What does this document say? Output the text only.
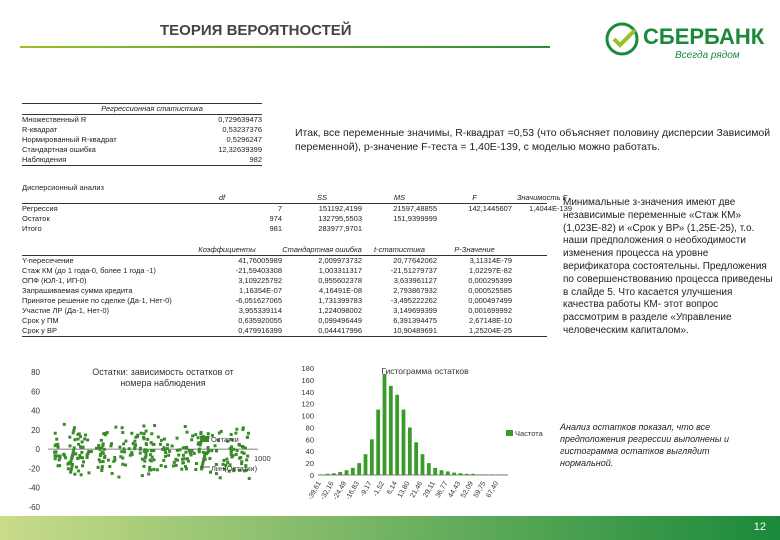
ТЕОРИЯ ВЕРОЯТНОСТЕЙ	СБЕРБАНК
Всегда рядом
Регрессионная статистика
Множественный R	0,729639473
R-квадрат	0,53237376
Нормированный R-квадрат	0,5296247
Стандартная ошибка	12,32639399
Наблюдения	982
Итак, все переменные значимы, R-квадрат =0,53 (что объясняет половину дисперсии Зависимой переменной), р-значение F-теста = 1,40Е-139, с моделью можно работать.
Дисперсионный анализ
df	SS	MS	F	Значимость F
Регрессия	7	151192,4199	21597,48855	142,1445607	1,4044E-139
Остаток	974	132795,5503	151,9399999
Итого	981	283977,9701
Коэффициенты	Стандартная ошибка	t-статистика	P-Значение
Y-пересечение	41,76005989	2,009973732	20,77642062	3,11314E-79
Стаж КМ (до 1 года-0, более 1 года -1)	-21,59403308	1,003311317	-21,51279737	1,02297E-82
ОПФ (ЮЛ-1, ИП-0)	3,109225792	0,955602378	3,633961127	0,000295399
Запрашиваемая сумма кредита	1,16354E-07	4,16491E-08	2,793867932	0,000525585
Принятое решение по сделке (Да-1, Нет-0)	-6,051627065	1,731399783	-3,495222262	0,000497499
Участие ЛР (Да-1, Нет-0)	3,955339114	1,224098002	3,149699399	0,001699992
Срок у ПМ	0,635920055	0,099496449	6,391394475	2,67148E-10
Срок у ВР	0,479916399	0,044417996	10,90489691	1,25204E-25
Минимальные з-значения имеют две независимые переменные «Стаж КМ» (1,023Е-82) и «Срок у ВР» (1,25Е-25), т.о. наши предположения о необходимости изменения процесса на уровне верификатора состоятельны. Предложения по совершенствованию процесса приведены в слайде 5. Что касается улучшения качества работы КМ- этот вопрос рассмотрим в разделе «Управление человеческим капиталом».
Анализ остатков показал, что все предположения регрессии выполнены и гистограмма остатков выглядит нормальной.
80
60
40
20
0
-20
-40
-60
Остатки: зависимость остатков от
номера наблюдения
Остатки
1000
Лин(Остатки)
180
160
140
120
100
80
60
40
20
0
Гистограмма остатков
-39,61
-32,16
-24,49
-16,83
-9,17
-1,52 6,14
13,80
21,46
29,11
36,77
44,43
52,09
59,75
67,40
Частота
12
